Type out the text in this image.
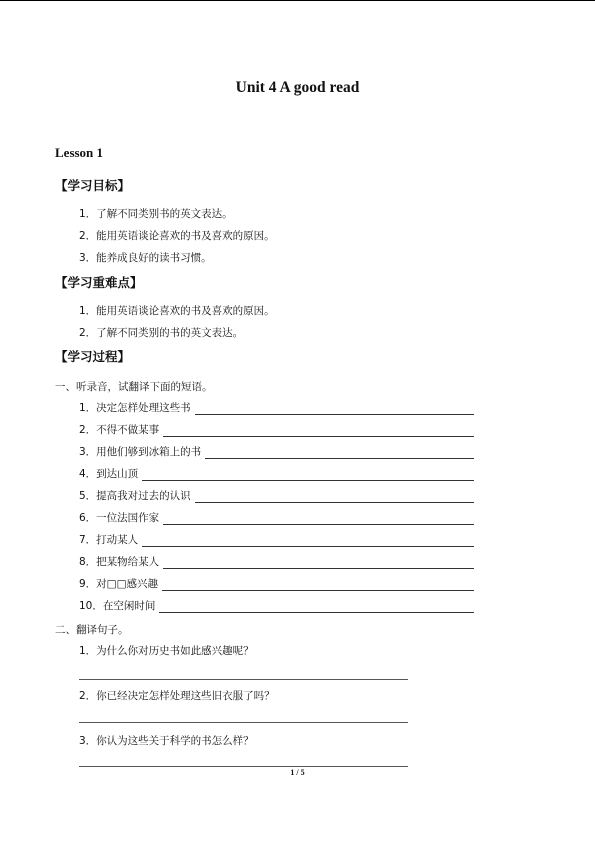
Unit 4 A good read
Lesson 1
【学习目标】
1．了解不同类别书的英文表达。
2．能用英语谈论喜欢的书及喜欢的原因。
3．能养成良好的读书习惯。
【学习重难点】
1．能用英语谈论喜欢的书及喜欢的原因。
2．了解不同类别的书的英文表达。
【学习过程】
一、听录音，试翻译下面的短语。
1．决定怎样处理这些书
2．不得不做某事
3．用他们够到冰箱上的书
4．到达山顶
5．提高我对过去的认识
6．一位法国作家
7．打动某人
8．把某物给某人
9．对□□感兴趣
10．在空闲时间
二、翻译句子。
1．为什么你对历史书如此感兴趣呢？
2．你已经决定怎样处理这些旧衣服了吗？
3．你认为这些关于科学的书怎么样？
1 / 5
